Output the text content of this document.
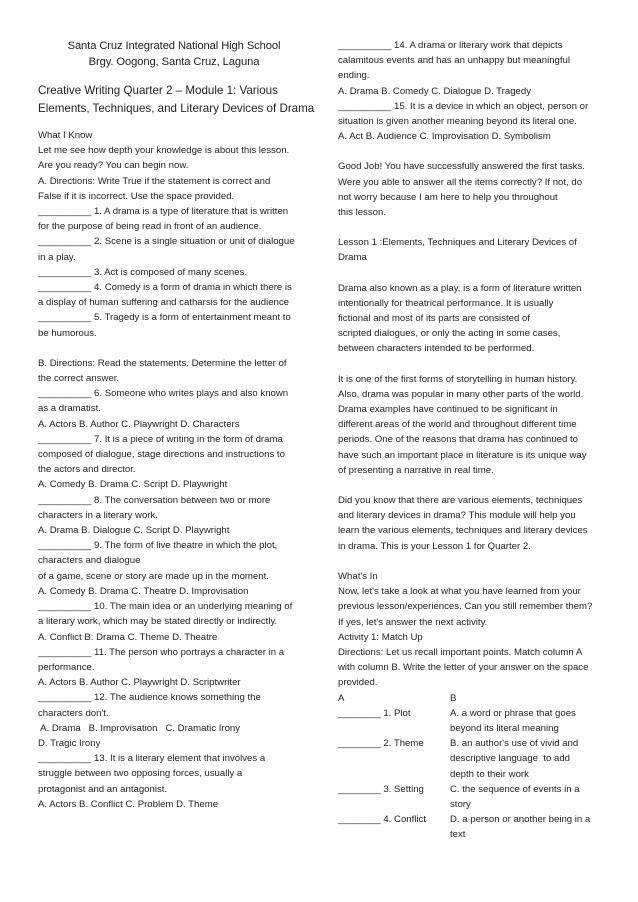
Santa Cruz Integrated National High School
Brgy. Oogong, Santa Cruz, Laguna
Creative Writing Quarter 2 – Module 1: Various
Elements, Techniques, and Literary Devices of Drama
What I Know
Let me see how depth your knowledge is about this lesson.
Are you ready? You can begin now.
A. Directions: Write True if the statement is correct and
False if it is incorrect. Use the space provided.
__________ 1. A drama is a type of literature that is written
for the purpose of being read in front of an audience.
__________ 2. Scene is a single situation or unit of dialogue
in a play.
__________ 3. Act is composed of many scenes.
__________ 4. Comedy is a form of drama in which there is
a display of human suffering and catharsis for the audience
__________ 5. Tragedy is a form of entertainment meant to
be humorous.
B. Directions: Read the statements. Determine the letter of
the correct answer.
__________ 6. Someone who writes plays and also known
as a dramatist.
A. Actors B. Author C. Playwright D. Characters
__________ 7. It is a piece of writing in the form of drama
composed of dialogue, stage directions and instructions to
the actors and director.
A. Comedy B. Drama C. Script D. Playwright
__________ 8. The conversation between two or more
characters in a literary work.
A. Drama B. Dialogue C. Script D. Playwright
__________ 9. The form of live theatre in which the plot,
characters and dialogue
of a game, scene or story are made up in the moment.
A. Comedy B. Drama C. Theatre D. Improvisation
__________ 10. The main idea or an underlying meaning of
a literary work, which may be stated directly or indirectly.
A. Conflict B. Drama C. Theme D. Theatre
__________ 11. The person who portrays a character in a
performance.
A. Actors B. Author C. Playwright D. Scriptwriter
__________ 12. The audience knows something the
characters don't.
A. Drama   B. Improvisation   C. Dramatic Irony
D. Tragic Irony
__________ 13. It is a literary element that involves a
struggle between two opposing forces, usually a
protagonist and an antagonist.
A. Actors B. Conflict C. Problem D. Theme
__________ 14. A drama or literary work that depicts
calamitous events and has an unhappy but meaningful
ending.
A. Drama B. Comedy C. Dialogue D. Tragedy
__________ 15. It is a device in which an object, person or
situation is given another meaning beyond its literal one.
A. Act B. Audience C. Improvisation D. Symbolism
Good Job! You have successfully answered the first tasks.
Were you able to answer all the items correctly? If not, do
not worry because I am here to help you throughout
this lesson.
Lesson 1 :Elements, Techniques and Literary Devices of
Drama
Drama also known as a play, is a form of literature written
intentionally for theatrical performance. It is usually
fictional and most of its parts are consisted of
scripted dialogues, or only the acting in some cases,
between characters intended to be performed.
It is one of the first forms of storytelling in human history.
Also, drama was popular in many other parts of the world.
Drama examples have continued to be significant in
different areas of the world and throughout different time
periods. One of the reasons that drama has continued to
have such an important place in literature is its unique way
of presenting a narrative in real time.
Did you know that there are various elements, techniques
and literary devices in drama? This module will help you
learn the various elements, techniques and literary devices
in drama. This is your Lesson 1 for Quarter 2.
What's In
Now, let's take a look at what you have learned from your
previous lesson/experiences. Can you still remember them?
If yes, let's answer the next activity.
Activity 1: Match Up
Directions: Let us recall important points. Match column A
with column B. Write the letter of your answer on the space
provided.
A	B
________ 1. Plot	A. a word or phrase that goes
beyond its literal meaning

________ 2. Theme	B. an author's use of vivid and
descriptive language  to add
depth to their work

________ 3. Setting	C. the sequence of events in a
story

________ 4. Conflict	D. a person or another being in a
text
